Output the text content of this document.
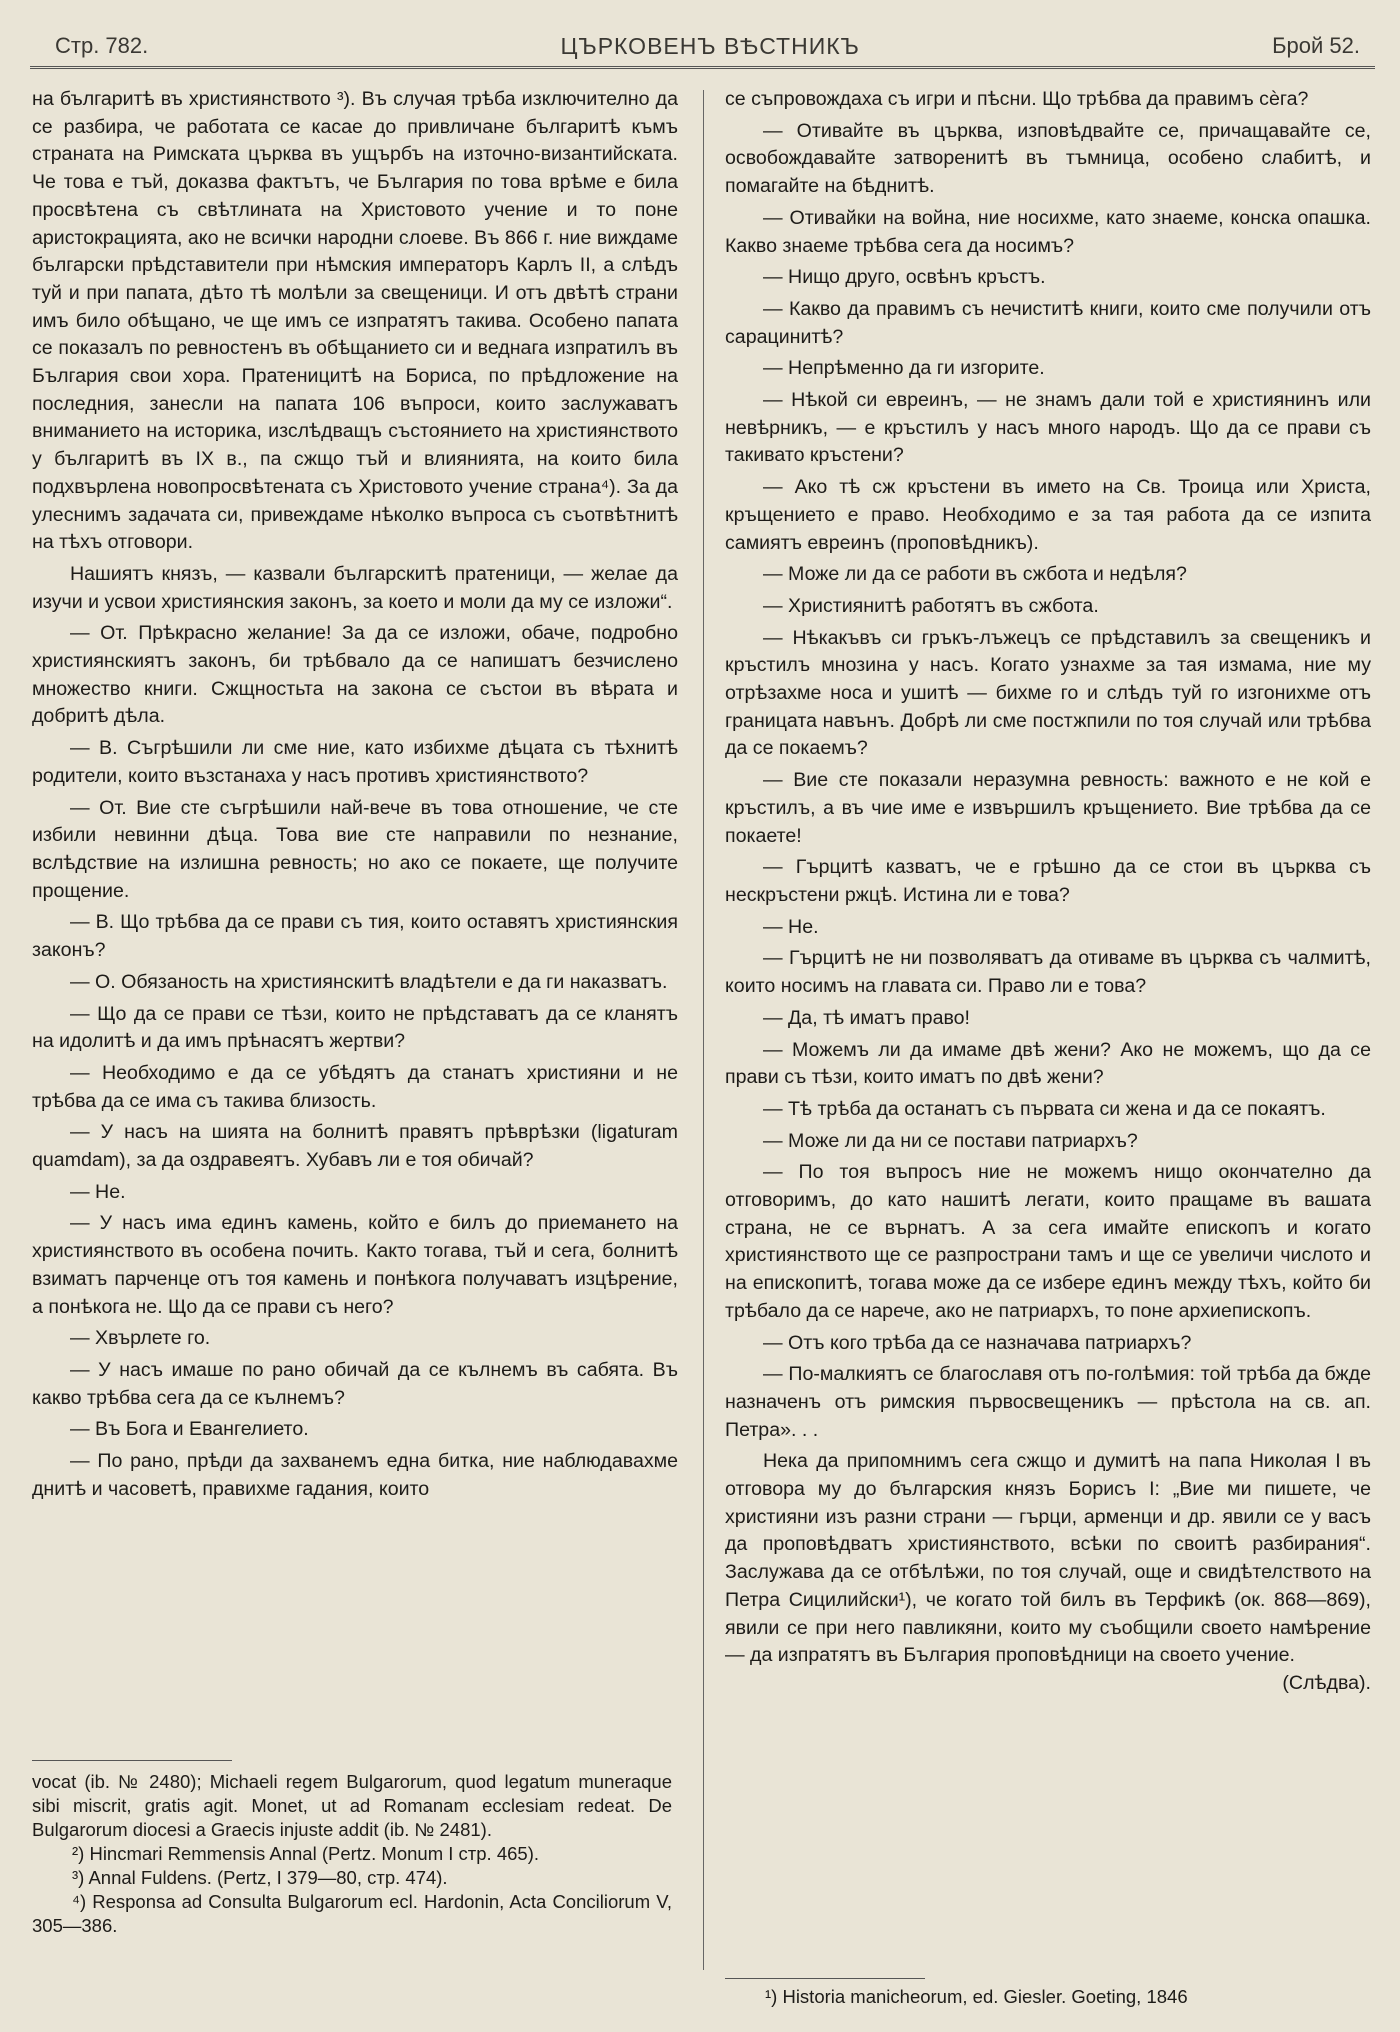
Стр. 782.	ЦЪРКОВЕНЪ ВѢСТНИКЪ	Брой 52.

на българитѣ въ християнството ³). Въ случая трѣба изключително да се разбира, че работата се касае до привличане българитѣ къмъ страната на Римската църква въ ущърбъ на източно-византийската. Че това е тъй, доказва фактътъ, че България по това врѣме е била просвѣтена съ свѣтлината на Христовото учение и то поне аристокрацията, ако не всички народни слоеве. Въ 866 г. ние виждаме български прѣдставители при нѣмския императоръ Карлъ II, а слѣдъ туй и при папата, дѣто тѣ молѣли за свещеници. И отъ двѣтѣ страни имъ било обѣщано, че ще имъ се изпратятъ такива. Особено папата се показалъ по ревностенъ въ обѣщанието си и веднага изпратилъ въ България свои хора. Пратеницитѣ на Бориса, по прѣдложение на последния, занесли на папата 106 въпроси, които заслужаватъ вниманието на историка, изслѣдващъ състоянието на християнството у българитѣ въ IX в., па сжщо тъй и влиянията, на които била подхвърлена новопросвѣтената съ Христовото учение страна⁴). За да улеснимъ задачата си, привеждаме нѣколко въпроса съ съотвѣтнитѣ на тѣхъ отговори.

Нашиятъ князъ, — казвали българскитѣ пратеници, — желае да изучи и усвои християнския законъ, за което и моли да му се изложи“.

— От. Прѣкрасно желание! За да се изложи, обаче, подробно християнскиятъ законъ, би трѣбвало да се напишатъ безчислено множество книги. Сжщностьта на закона се състои въ вѣрата и добритѣ дѣла.

— В. Съгрѣшили ли сме ние, като избихме дѣцата съ тѣхнитѣ родители, които възстанаха у насъ противъ християнството?

— От. Вие сте съгрѣшили най-вече въ това отношение, че сте избили невинни дѣца. Това вие сте направили по незнание, вслѣдствие на излишна ревность; но ако се покаете, ще получите прощение.

— В. Що трѣбва да се прави съ тия, които оставятъ християнския законъ?

— О. Обязаность на християнскитѣ владѣтели е да ги наказватъ.

— Що да се прави се тѣзи, които не прѣдставатъ да се кланятъ на идолитѣ и да имъ прѣнасятъ жертви?

— Необходимо е да се убѣдятъ да станатъ християни и не трѣбва да се има съ такива близость.

— У насъ на шията на болнитѣ правятъ прѣврѣзки (ligaturam quamdam), за да оздравеятъ. Хубавъ ли е тоя обичай?

— Не.

— У насъ има единъ камень, който е билъ до приемането на християнството въ особена почить. Както тогава, тъй и сега, болнитѣ взиматъ парченце отъ тоя камень и понѣкога получаватъ изцѣрение, а понѣкога не. Що да се прави съ него?

— Хвърлете го.

— У насъ имаше по рано обичай да се кълнемъ въ сабята. Въ какво трѣбва сега да се кълнемъ?

— Въ Бога и Евангелието.

— По рано, прѣди да захванемъ една битка, ние наблюдавахме днитѣ и часоветѣ, правихме гадания, които

се съпровождаха съ игри и пѣсни. Що трѣбва да правимъ сѐга?

— Отивайте въ църква, изповѣдвайте се, причащавайте се, освобождавайте затворенитѣ въ тъмница, особено слабитѣ, и помагайте на бѣднитѣ.

— Отивайки на война, ние носихме, като знаеме, конска опашка. Какво знаеме трѣбва сега да носимъ?

— Нищо друго, освѣнъ кръстъ.

— Какво да правимъ съ нечиститѣ книги, които сме получили отъ сарацинитѣ?

— Непрѣменно да ги изгорите.

— Нѣкой си евреинъ, — не знамъ дали той е християнинъ или невѣрникъ, — е кръстилъ у насъ много народъ. Що да се прави съ такивато кръстени?

— Ако тѣ сж кръстени въ името на Св. Троица или Христа, кръщението е право. Необходимо е за тая работа да се изпита самиятъ евреинъ (проповѣдникъ).

— Може ли да се работи въ сжбота и недѣля?

— Християнитѣ работятъ въ сжбота.

— Нѣкакъвъ си гръкъ-лъжецъ се прѣдставилъ за свещеникъ и кръстилъ мнозина у насъ. Когато узнахме за тая измама, ние му отрѣзахме носа и ушитѣ — бихме го и слѣдъ туй го изгонихме отъ границата навънъ. Добрѣ ли сме постжпили по тоя случай или трѣбва да се покаемъ?

— Вие сте показали неразумна ревность: важното е не кой е кръстилъ, а въ чие име е извършилъ кръщението. Вие трѣбва да се покаете!

— Гърцитѣ казватъ, че е грѣшно да се стои въ църква съ нескръстени ржцѣ. Истина ли е това?

— Не.

— Гърцитѣ не ни позволяватъ да отиваме въ църква съ чалмитѣ, които носимъ на главата си. Право ли е това?

— Да, тѣ иматъ право!

— Можемъ ли да имаме двѣ жени? Ако не можемъ, що да се прави съ тѣзи, които иматъ по двѣ жени?

— Тѣ трѣба да останатъ съ първата си жена и да се покаятъ.

— Може ли да ни се постави патриархъ?

— По тоя въпросъ ние не можемъ нищо окончателно да отговоримъ, до като нашитѣ легати, които пращаме въ вашата страна, не се върнатъ. А за сега имайте епископъ и когато християнството ще се разпространи тамъ и ще се увеличи числото и на епископитѣ, тогава може да се избере единъ между тѣхъ, който би трѣбало да се нарече, ако не патриархъ, то поне архиепископъ.

— Отъ кого трѣба да се назначава патриархъ?

— По-малкиятъ се благославя отъ по-голѣмия: той трѣба да бжде назначенъ отъ римския първосвещеникъ — прѣстола на св. ап. Петра». . .

Нека да припомнимъ сега сжщо и думитѣ на папа Николая I въ отговора му до българския князъ Борисъ I: „Вие ми пишете, че християни изъ разни страни — гърци, арменци и др. явили се у васъ да проповѣдватъ християнството, всѣки по своитѣ разбирания“. Заслужава да се отбѣлѣжи, по тоя случай, още и свидѣтелството на Петра Сицилийски¹), че когато той билъ въ Терфикѣ (ок. 868—869), явили се при него павликяни, които му съобщили своето намѣрение — да изпратятъ въ България проповѣдници на своето учение.

(Слѣдва).

vocat (ib. № 2480); Michaeli regem Bulgarorum, quod legatum muneraque sibi miscrit, gratis agit. Monet, ut ad Romanam ecclesiam redeat. De Bulgarorum diocesi a Graecis injuste addit (ib. № 2481).

²) Hincmari Remmensis Annal (Pertz. Monum I стр. 465).

³) Annal Fuldens. (Pertz, I 379—80, стр. 474).

⁴) Responsa ad Consulta Bulgarorum ecl. Hardonin, Acta Conciliorum V, 305—386.

¹) Historia manicheorum, ed. Giesler. Goeting, 1846
